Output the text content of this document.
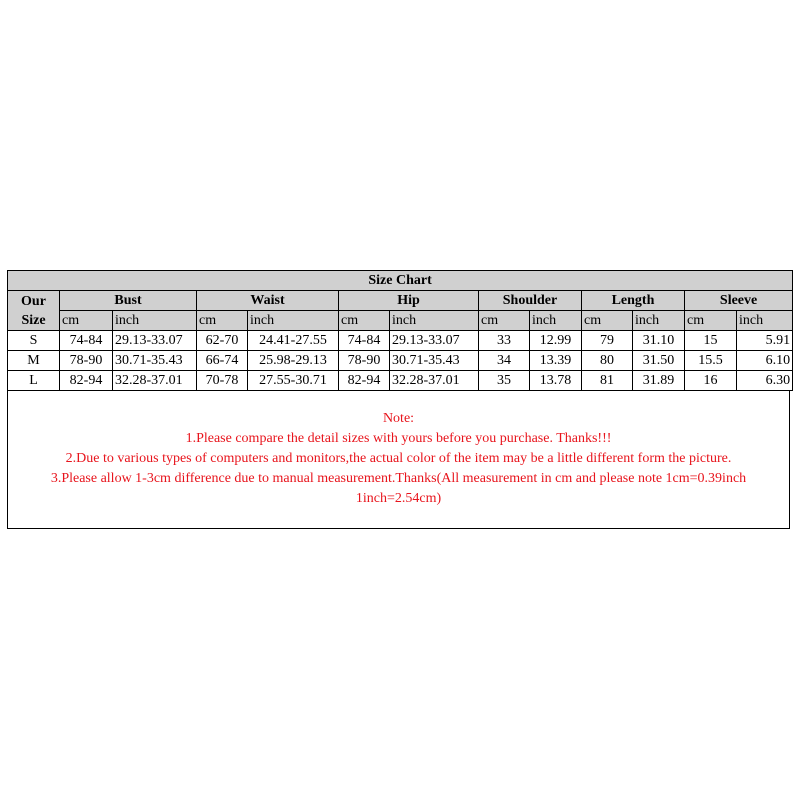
Size Chart												
Our
Size	Bust		Waist		Hip		Shoulder		Length		Sleeve	
	cm	inch	cm	inch	cm	inch	cm	inch	cm	inch	cm	inch
S	74-84	29.13-33.07	62-70	24.41-27.55	74-84	29.13-33.07	33	12.99	79	31.10	15	5.91
M	78-90	30.71-35.43	66-74	25.98-29.13	78-90	30.71-35.43	34	13.39	80	31.50	15.5	6.10
L	82-94	32.28-37.01	70-78	27.55-30.71	82-94	32.28-37.01	35	13.78	81	31.89	16	6.30
Note:
1.Please compare the detail sizes with yours before you purchase. Thanks!!!
2.Due to various types of computers and monitors,the actual color of the item may be a little different form the picture.
3.Please allow 1-3cm difference due to manual measurement.Thanks(All measurement in cm and please note 1cm=0.39inch
1inch=2.54cm)
